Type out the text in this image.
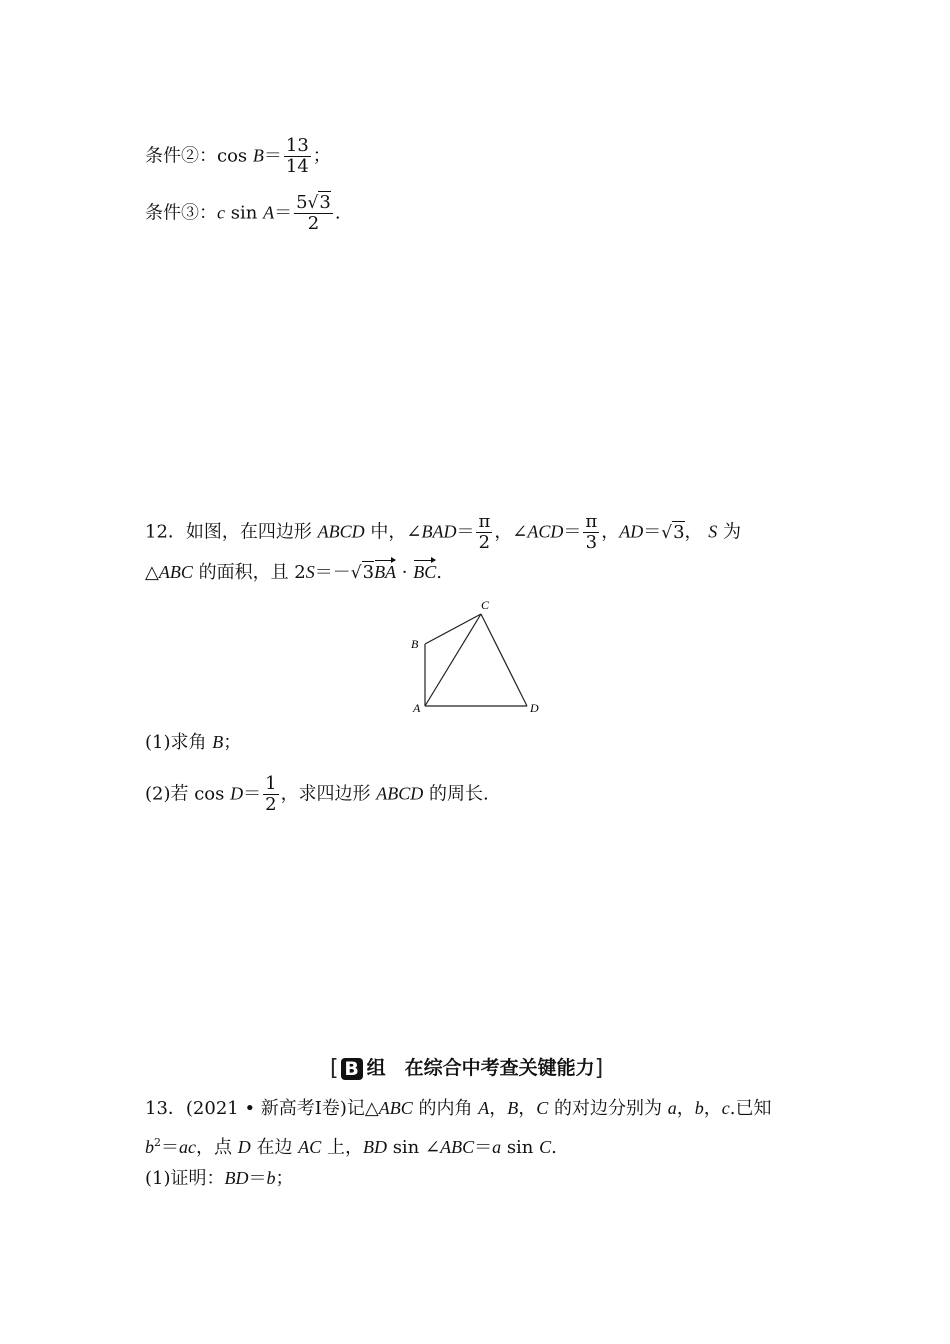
条件②：$\cos B= \frac{13}{14}$ ；
条件③：c $\sin A= \frac{5√3}{2}$ .
12．如图，在四边形 ABCD 中，∠BAD＝ $\frac{\pi}{2}$ ，∠ACD＝ $\frac{\pi}{3}$ ，AD＝√3， S 为
△ABC 的面积，且 2S＝－√3BA · BC.
B
C
A	D
(1)求角 B；
(2)若 $\cos D= \frac{1}{2}$ ，求四边形 ABCD 的周长.
[ B 组　在综合中考查关键能力]
13．(2021 • 新高考Ⅰ卷)记△ABC 的内角 A，B，C 的对边分别为 a，b，c.已知
$b^2=ac$，点 D 在边 AC 上，BD sin ∠ABC＝a sin C.
(1)证明：BD＝b；
